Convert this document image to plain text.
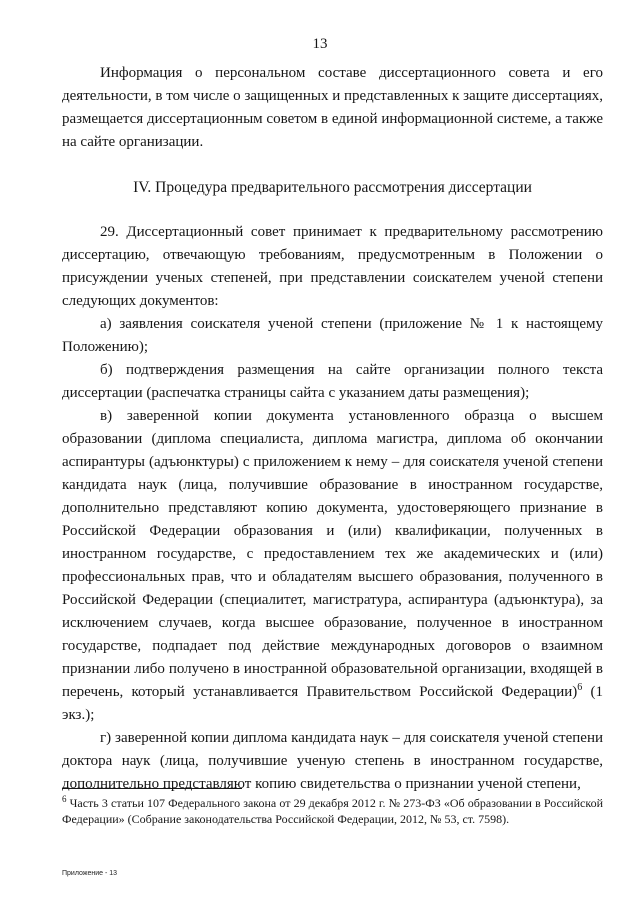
13

Информация о персональном составе диссертационного совета и его деятельности, в том числе о защищенных и представленных к защите диссертациях, размещается диссертационным советом в единой информационной системе, а также на сайте организации.

IV. Процедура предварительного рассмотрения диссертации

29. Диссертационный совет принимает к предварительному рассмотрению диссертацию, отвечающую требованиям, предусмотренным в Положении о присуждении ученых степеней, при представлении соискателем ученой степени следующих документов:

а) заявления соискателя ученой степени (приложение № 1 к настоящему Положению);

б) подтверждения размещения на сайте организации полного текста диссертации (распечатка страницы сайта с указанием даты размещения);

в) заверенной копии документа установленного образца о высшем образовании (диплома специалиста, диплома магистра, диплома об окончании аспирантуры (адъюнктуры) с приложением к нему – для соискателя ученой степени кандидата наук (лица, получившие образование в иностранном государстве, дополнительно представляют копию документа, удостоверяющего признание в Российской Федерации образования и (или) квалификации, полученных в иностранном государстве, с предоставлением тех же академических и (или) профессиональных прав, что и обладателям высшего образования, полученного в Российской Федерации (специалитет, магистратура, аспирантура (адъюнктура), за исключением случаев, когда высшее образование, полученное в иностранном государстве, подпадает под действие международных договоров о взаимном признании либо получено в иностранной образовательной организации, входящей в перечень, который устанавливается Правительством Российской Федерации)$^6$ (1 экз.);

г) заверенной копии диплома кандидата наук – для соискателя ученой степени доктора наук (лица, получившие ученую степень в иностранном государстве, дополнительно представляют копию свидетельства о признании ученой степени,

$^6$ Часть 3 статьи 107 Федерального закона от 29 декабря 2012 г. № 273-ФЗ «Об образовании в Российской Федерации» (Собрание законодательства Российской Федерации, 2012, № 53, ст. 7598).
Приложение - 13
